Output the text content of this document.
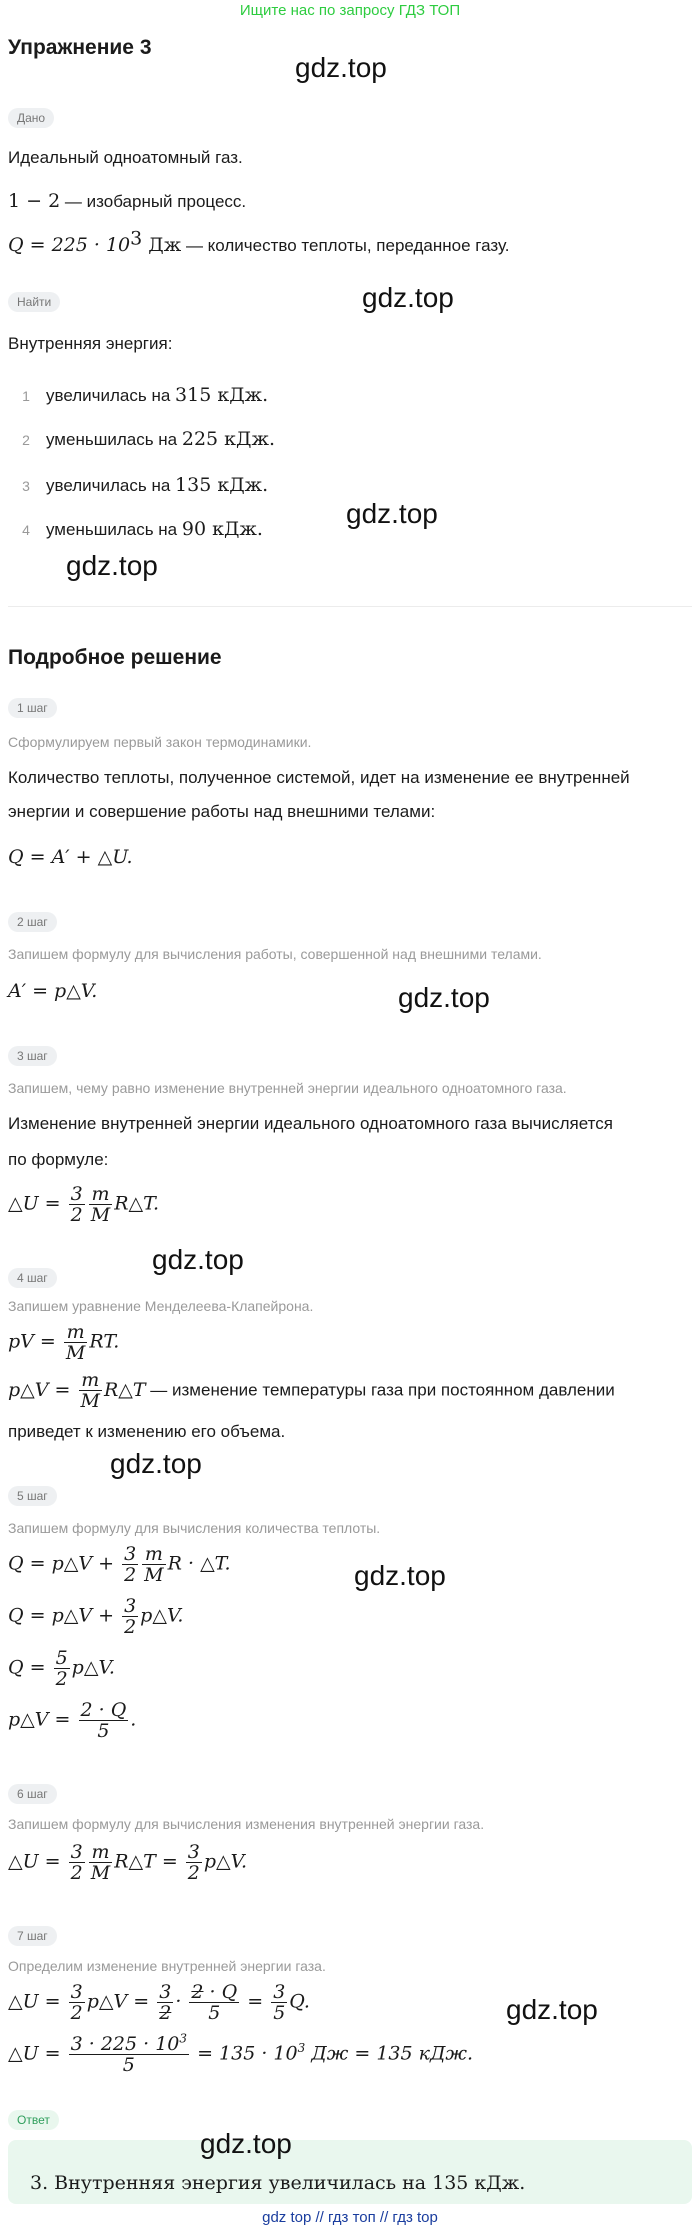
Ищите нас по запросу ГДЗ ТОП
Упражнение 3
gdz.top
Дано
Идеальный одноатомный газ.
1 − 2 — изобарный процесс.
$Q = 225 \cdot 10^3$ Дж — количество теплоты, переданное газу.
Найти	gdz.top
Внутренняя энергия:
1 увеличилась на 315 кДж.
2 уменьшилась на 225 кДж.
3 увеличилась на 135 кДж.
gdz.top
4 уменьшилась на 90 кДж.
gdz.top
Подробное решение
1 шаг
Сформулируем первый закон термодинамики.
Количество теплоты, полученное системой, идет на изменение ее внутренней
энергии и совершение работы над внешними телами:
Q = A′ + △U.
2 шаг
Запишем формулу для вычисления работы, совершенной над внешними телами.
A′ = p△V.	gdz.top
3 шаг
Запишем, чему равно изменение внутренней энергии идеального одноатомного газа.
Изменение внутренней энергии идеального одноатомного газа вычисляется
по формуле:
△U = $\frac{3}{2} \frac{m}{M}$ R△T.
gdz.top
4 шаг
Запишем уравнение Менделеева-Клапейрона.
pV = $\frac{m}{M}$ RT.
p△V = $\frac{m}{M}$ R△T — изменение температуры газа при постоянном давлении
приведет к изменению его объема.
gdz.top
5 шаг
Запишем формулу для вычисления количества теплоты.
Q = p△V + $\frac{3}{2} \frac{m}{M}$ R · △T.	gdz.top
Q = p△V + $\frac{3}{2}$ p△V.
$Q = \frac{5}{2}$ p△V.
p△V = $\frac{2 \cdot Q}{5}$ .
6 шаг
Запишем формулу для вычисления изменения внутренней энергии газа.
△U = $\frac{3}{2} \frac{m}{M}$ R△T = $\frac{3}{2}$ p△V.
7 шаг
Определим изменение внутренней энергии газа.
△U = $\frac{3}{2}$ p△V = $\frac{3}{2} \cdot \frac{2 \cdot Q}{5} = \frac{3}{5} Q$.	gdz.top
△U = $\frac{3 \cdot 225 \cdot 10^3}{5} = 135 \cdot 10^3$ Дж = 135 кДж.
Ответ
gdz.top
3. Внутренняя энергия увеличилась на 135 кДж.
gdz top // гдз топ // гдз top
